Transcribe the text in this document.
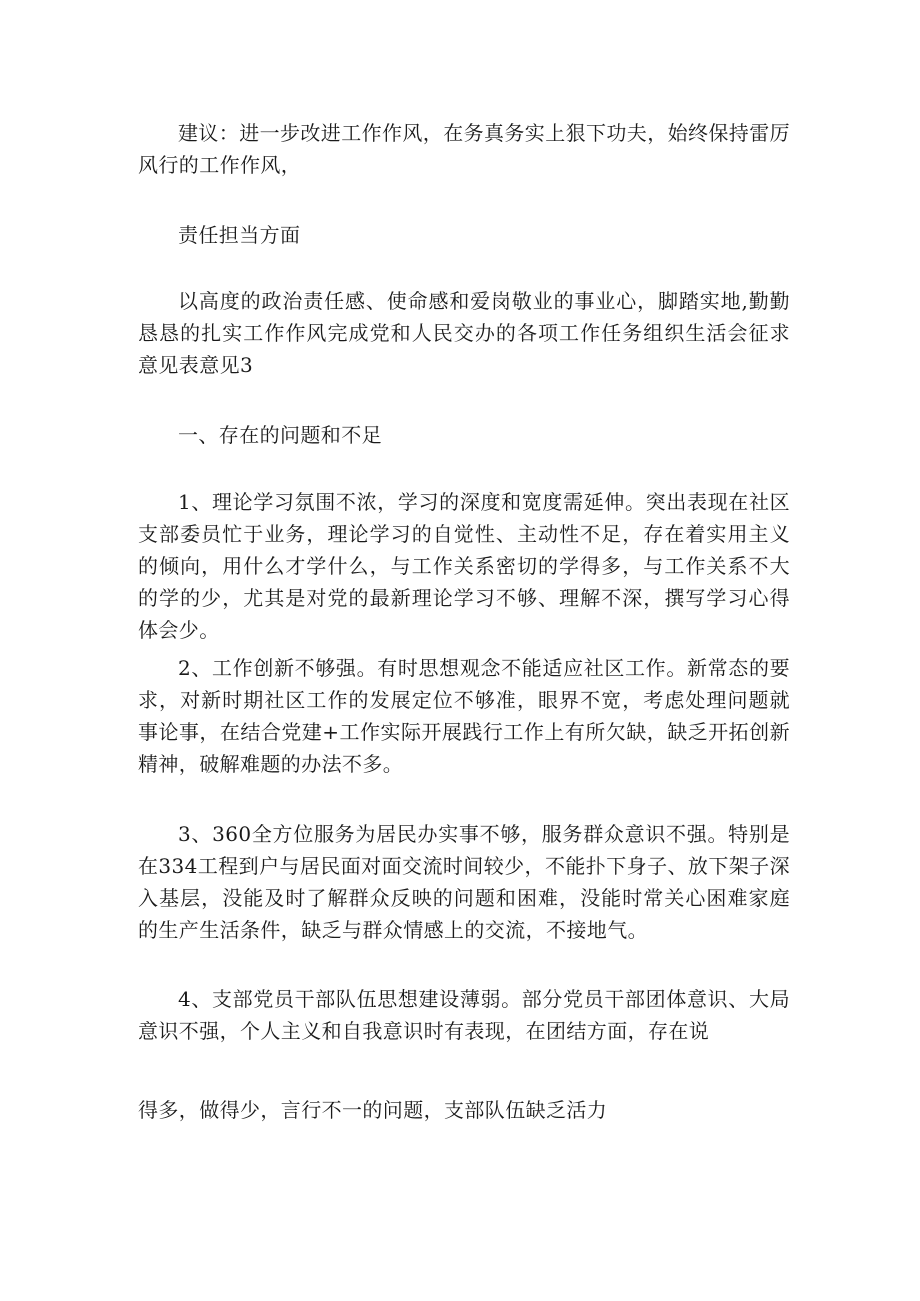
建议：进一步改进工作作风，在务真务实上狠下功夫，始终保持雷厉风行的工作作风，

责任担当方面

以高度的政治责任感、使命感和爱岗敬业的事业心，脚踏实地,勤勤恳恳的扎实工作作风完成党和人民交办的各项工作任务组织生活会征求意见表意见3

一、存在的问题和不足

1、理论学习氛围不浓，学习的深度和宽度需延伸。突出表现在社区支部委员忙于业务，理论学习的自觉性、主动性不足，存在着实用主义的倾向，用什么才学什么，与工作关系密切的学得多，与工作关系不大的学的少，尤其是对党的最新理论学习不够、理解不深，撰写学习心得体会少。

2、工作创新不够强。有时思想观念不能适应社区工作。新常态的要求，对新时期社区工作的发展定位不够准，眼界不宽，考虑处理问题就事论事，在结合党建+工作实际开展践行工作上有所欠缺，缺乏开拓创新精神，破解难题的办法不多。

3、360全方位服务为居民办实事不够，服务群众意识不强。特别是在334工程到户与居民面对面交流时间较少，不能扑下身子、放下架子深入基层，没能及时了解群众反映的问题和困难，没能时常关心困难家庭的生产生活条件，缺乏与群众情感上的交流，不接地气。

4、支部党员干部队伍思想建设薄弱。部分党员干部团体意识、大局意识不强，个人主义和自我意识时有表现，在团结方面，存在说

得多，做得少，言行不一的问题，支部队伍缺乏活力
